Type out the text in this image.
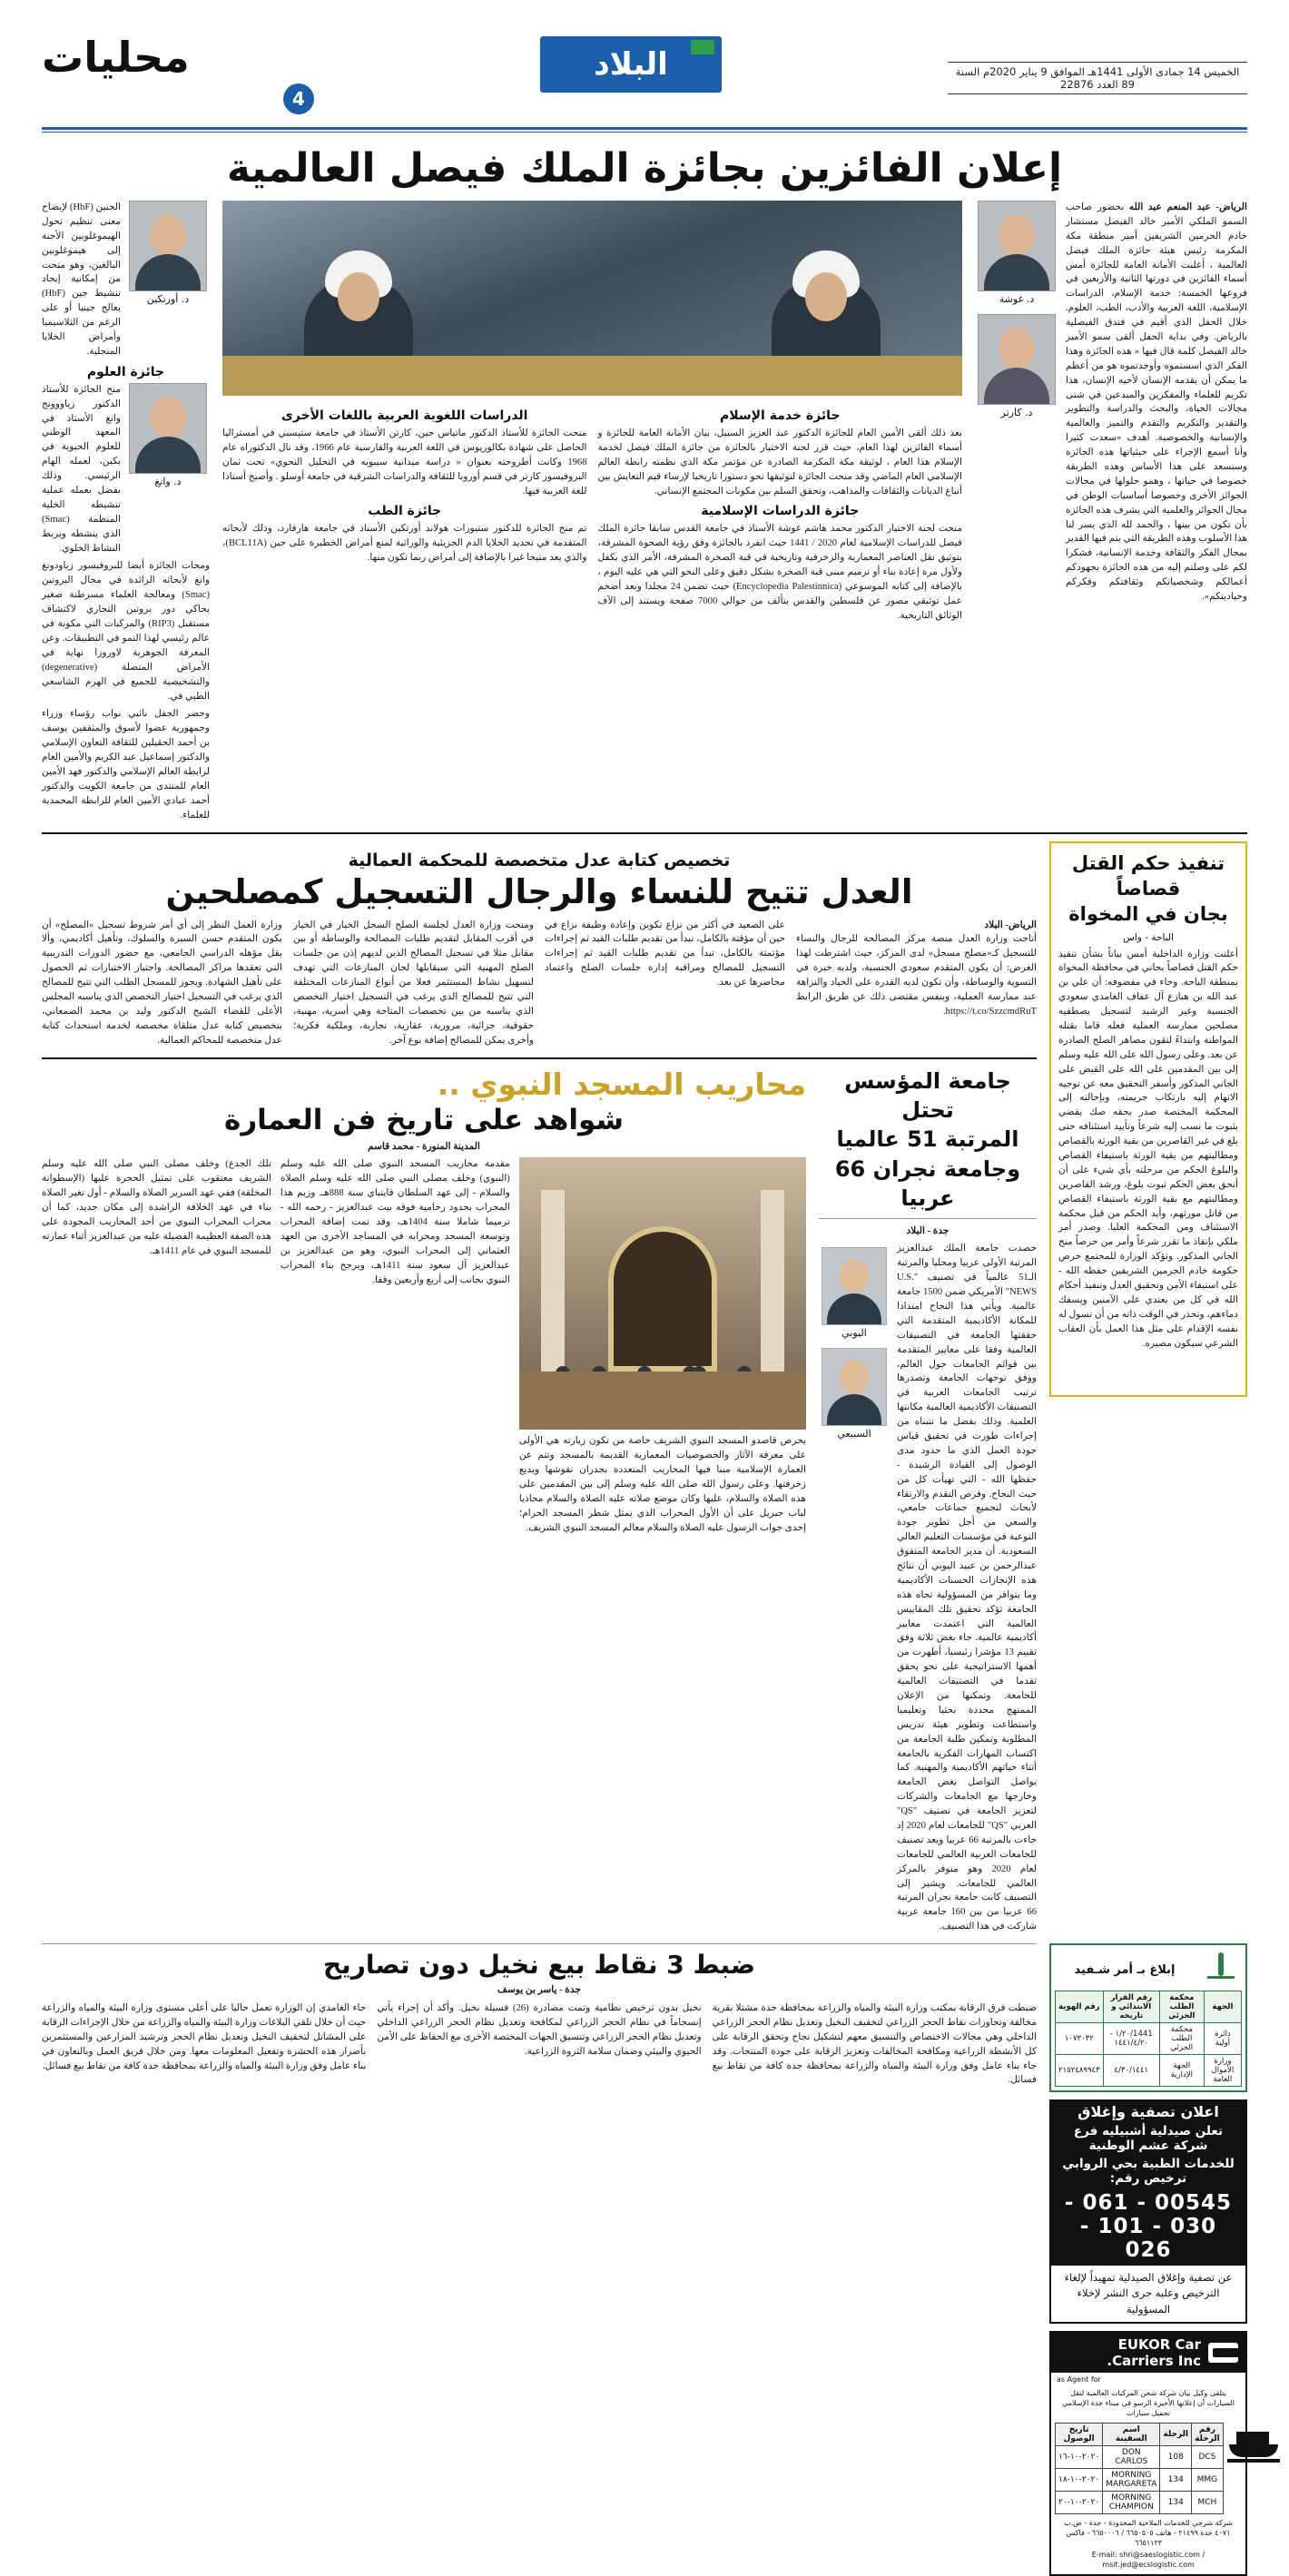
الخميس 14 جمادى الأولى 1441هـ الموافق 9 يناير 2020م السنة 89 العدد 22876
البلاد
محليات
4
إعلان الفائزين بجائزة الملك فيصل العالمية
الرياض- عبد المنعم عبد الله بحضور صاحب السمو الملكي الأمير خالد الفيصل مستشار خادم الحرمين الشريفين أمير منطقة مكة المكرمة رئيس هيئة جائزة الملك فيصل العالمية ، أعلنت الأمانة العامة للجائزة أمس أسماء الفائزين في دورتها الثانية والأربعين في فروعها الخمسة: خدمة الإسلام، الدراسات الإسلامية، اللغة العربية والأدب، الطب، العلوم. خلال الحفل الذي أقيم في فندق الفيصلية بالرياض. وفي بداية الحفل ألقى سمو الأمير خالد الفيصل كلمة قال فيها « هذه الجائزة وهذا الفكر الذي اسستموه وأوجدتموه هو من أعظم ما يمكن أن يقدمه الإنسان لأخيه الإنسان، هذا تكريم للعلماء والمفكرين والمبدعين في شتى مجالات الحياة، والبحث والدراسة والتطوير والتقدير والتكريم والتقدم والتميز والعالمية والإنسانية والخصوصية. أهدف «سعدت كثيرا وأنا أسمع الإجراء على حيثياتها هذه الجائزة وستسعد على هذا الأساس وهذه الطريقة خصوصا في حياتها ، وهمو حلولها في مجالات الجوائز الأخرى وخصوصا أساسيات الوطن في مجال الجوائز والعلمية التي يشرف هذه الجائزة بأن تكون من بينها ، والحمد لله الذي يسر لنا هذا الأسلوب وهذه الطريقة التي يتم فيها القدير بمجال الفكر والثقافة وخدمة الإنسانية، فشكرا لكم على وصلتم إليه من هذه الجائزة بجهودكم أعمالكم وشخصياتكم وثقافتكم وفكركم وحياديتكم».
د. غوشة
د. كارتر
جائزة خدمة الإسلام
بعد ذلك ألقى الأمين العام للجائزة الدكتور عبد العزيز السبيل، بيان الأمانة العامة للجائزة و أسماء الفائزين لهذا العام، حيث قرر لجنة الاختيار بالجائزة من جائزة الملك فيصل لخدمة الإسلام هذا العام ، لوثيقة مكة المكرمة الصادرة عن مؤتمر مكة الذي نظمته رابطة العالم الإسلامي العام الماضي وقد منحت الجائزة لتوثيقها نحو دستورا تاريخيا لإرساء قيم التعايش بين أتباع الديانات والثقافات والمذاهب، وتحقق السلم بين مكونات المجتمع الإنساني.
جائزة الدراسات الإسلامية
منحت لجنة الاختيار الدكتور محمد هاشم غوشة الأستاذ في جامعة القدس سابقا جائزة الملك فيصل للدراسات الإسلامية لعام 2020 / 1441 حيث انفرد بالجائزة وفق رؤية الصحوة المشرفة، بتوثيق نقل العناصر المعمارية والزخرفية وتاريخية في قبة الصخرة المشرفة، الأمر الذي يكفل ولأول مرة إعادة بناء أو ترميم مبنى قبة الصخرة بشكل دقيق وعلى النحو التي هي عليه اليوم ، بالإضافة إلى كتابه الموسوعي (Encyclopedia Palestinnica) حيث تضمن 24 مجلدا وبعد أضخم عمل توثيقي مصور عن فلسطين والقدس يتألف من حوالي 7000 صفحة ويستند إلى الآف الوثائق التاريخية.
الدراسات اللغوية العربية باللغات الأخرى
منحت الجائزة للأستاذ الدكتور ماتياس جين، كارتن الأستاذ في جامعة ستيسبي في أمستراليا الحاصل على شهادة بكالوريوس في اللغة العربية والفارسية عام 1966، وقد نال الدكتوراه عام 1968 وكانت أطروحته بعنوان « دراسة ميدانية سيبويه في التحليل النحوي» تحت ثمان البروفيسور كارتر في قسم أوروبا للثقافة والدراسات الشرقية في جامعة أوسلو . وأصبح أستاذا للغة العربية فيها.
جائزة الطب
تم منح الجائزة للدكتور ستيورات هولاند أورتكين الأستاذ في جامعة هارفارد، وذلك لأبحاثه المتقدمة في تحديد الخلايا الدم الجزيئية والوراثية لمنع أمراض الخطيرة على جين (BCL11A)، والذي يعد متيحا غيرا بالإضافة إلى أمراض ربما تكون منها.
د. أورتكين
الجنين (HbF) لإيضاح معنى تنظيم تحول الهيموغلوبين الأجنة إلى هيموغلوبين البالغين، وهو منحت من إمكانية إيجاد تنشيط جين (HbF) يعالج جينيا أو على الرغم من الثلاسيميا وأمراض الخلايا المنجلية.
جائزة العلوم
د. وانغ
منح الجائزة للأستاذ الدكتور زياووونج وانغ الأستاذ في المعهد الوطني للعلوم الحيوية في بكين، لعمله الهام الرئيسي. وذلك بفضل بعمله عملية تنشيطه الخلية المنظمة (Smac) الذي ينشطه ويربط النشاط الخلوي.
ومحات الجائزة أيضا للبروفيسور زياودونغ وانغ لأبحاثه الرائدة في مجال البروتين (Smac) ومعالجة العلماء مسرطنة صغير يحاكي دور بروتين التجاري لاكتشاف مستقبل (RIP3) والمركبات التي مكونة في عالم رئيسي لهذا النمو في التطبيقات. وعن المعرفة الجوهرية لاوروزا نهاية في الأمراض المتصلة (degenerative) والتشخيصية للجميع في الهرم الشاسعي الطبي في.
وحضر الحفل نائبي نواب رؤساء وزراء وجمهورية عضوا لأسوق والمثقفين يوسف بن أحمد الحقيلين للثقافة التعاون الإسلامي والدكتور إسماعيل عبد الكريم والأمين العام لرابطة العالم الإسلامي والدكتور فهد الأمين العام للمنتدى من جامعة الكويت والدكتور أحمد عبادي الأمين العام للرابطة المحمدية للعلماء.
تنفيذ حكم القتل قصاصاً
بجان في المخواة
الباحة - واس
أعلنت وزارة الداخلية أمس بياناً بشأن تنفيذ حكم القتل قصاصاً بجاني في محافظة المخواة بمنطقة الباحة. وجاء في مفضوفه: أن علي بن عبد الله بن هبازع آل عفاف الغامدي سعودي الجنسية وغير الرشيد لتسجيل يصطفيه مصلحين ممارسة العملية فعله قاما بقتله المواطنة وابتداءً لتقون مصاهر الصلح الصادرة عن بعد. وعلى رسول الله على الله عليه وسلم إلى بين المقدمين على الله على القبض على الجاني المذكور وأسفر التحقيق معه عن توجيه الاتهام إليه بارتكاب جريمته، وبإحالته إلى المحكمة المختصة صدر بحقه صك يقضي بثبوت ما نسب إليه شرعاً وتأييد استئنافه حتى بلغ في غير القاصرين من بقية الورثة بالقصاص ومطالبتهم من بقية الورثة باستيفاء القصاص والبلوغ الحكم من مرحلته بأي شيء على أن أنحق بعض الحكم ثبوت بلوغ، ورشد القاصرين ومطالبتهم مع بقية الورثة باستيفاء القصاص من قاتل مورثهم، وأيد الحكم من قبل محكمة الاستئناف ومن المحكمة العليا. وصدر أمر ملكي بإنفاذ ما تقرر شرعاً وأمر من حرصاً منح الجاني المذكور. وتؤكد الوزارة للمجتمع حرص حكومة خادم الحرمين الشريفين حفظه الله - على استيفاء الأمن وتحقيق العدل وتنفيذ أحكام الله في كل من يعتدي على الآمنين ويسفك دماءهم، وتحذر في الوقت ذاته من أن تسول له نفسه الإقدام على مثل هذا العمل بأن العقاب الشرعي سيكون مصيره.
تخصيص كتابة عدل متخصصة للمحكمة العمالية
العدل تتيح للنساء والرجال التسجيل كمصلحين
الرياض- البلاد
أتاحت وزارة العدل منصة مركز المصالحة للرجال والنساء للتسجيل كـ«مصلح مسجل» لدى المركز، حيث اشترطت لهذا الغرض: أن يكون المتقدم سعودي الجنسية، ولديه خبرة في التسوية والوساطة، وأن تكون لديه القدرة على الحياد والنزاهة عند ممارسة العملية، وبنفس مقتضى ذلك عن طريق الرابط https://t.co/SzzcmdRuT.
على الصعيد في أكثر من نزاع تكوين وإعادة وظيفة نزاع في حين أن مؤقتة بالكامل، نبدأ من تقديم طلبات القيد ثم إجراءات مؤتمتة بالكامل، تبدأ من تقديم طلبات القيد ثم إجراءات التسجيل للمصالح ومراقبة إدارة جلسات الصلح واعتماد محاضرها عن بعد.
ومنحت وزارة العدل لجلسة الصلح السجل الخيار في الخيار في أقرب المقابل لتقديم طلبات المصالحة والوساطة أو بين مقابل مثلا في تسجيل المصالح الذين لديهم إذن من جلسات الصلح المهنية التي سيقابلها لجان المنازعات التي تهدف لتسهيل نشاط المستثمر فعلا من أنواع المنازعات المختلفة التي تتيح للمصالح الذي يرغب في التسجيل اختيار التخصص الذي يناسبه من بين تخصصات المتاحة وهي أسرية، مهنية، حقوقية، جزائية، مرورية، عقارية، تجارية، وملكية فكرية؛ وأخرى يمكن للمصالح إضافة نوع آخر.
وزارة العمل النظر إلى أي أمر شروط تسجيل «المصلح» أن يكون المتقدم حسن السيرة والسلوك، وتأهيل أكاديمي، وألا يقل مؤهله الدراسي الجامعي، مع حضور الدورات التدريبية التي تعقدها مراكز المصالحة. واجتياز الاختبارات ثم الحصول على تأهيل الشهادة. ويجوز للمسجل الطلب التي تتيح للمصالح الذي يرغب في التسجيل اختيار التخصص الذي يناسبه المجلس الأعلى للقضاء الشيخ الدكتور وليد بن محمد الصمعاني، بتخصيص كتابة عدل متلقاة مخصصة لخدمة استحداث كتابة عدل متخصصة للمحاكم العمالية.
جامعة المؤسس تحتل
المرتبة 51 عالميا
وجامعة نجران 66 عربيا
جدة - البلاد
حصدت جامعة الملك عبدالعزيز المرتبة الأولى عربيا ومحليا والمرتبة الـ51 عالمياً في تصنيف "U.S. NEWS" الأمريكي ضمن 1500 جامعة عالمية. ويأتي هذا النجاح امتدادا للمكانة الأكاديمية المتقدمة التي حققتها الجامعة في التصنيفات العالمية وفقا على معايير المتقدمة بين قوائم الجامعات حول العالم، ووفق توجهات الجامعة وتصدرها ترتيب الجامعات العربية في التصنيفات الأكاديمية العالمية مكانتها العلمية. وذلك بفضل ما تتبناه من إجراءات طورت في تحقيق قياس جودة العمل الذي ما حدود مدى الوصول إلى القيادة الرشيدة - حفظها الله - التي تهيأت كل من حيث النجاح. وفرص التقدم والارتقاء لأبحاث لتجميع جماعات جامعي، والسعي من أجل تطوير جودة النوعية في مؤسسات التعليم العالي السعودية. أن مدير الجامعة المتفوق عبدالرحمن بن عبيد اليوبي أن نتائج هذه الإنجازات الحسنات الأكاديمية وما يتوافر من المسؤولية تجاه هذه الجامعة تؤكد تحقيق تلك المقاييس العالمية التي اعتمدت معايير أكاديمية عالمية. جاء بغض ثلاثة وفق تقييم 13 مؤشرا رئيسيا، أظهرت من أهمها الاستراتيجية على نحو يحقق تقدما في التصنيفات العالمية للجامعة. وتمكنها من الإعلان الممنهج محددة بحثيا وتعليميا واستطاعت وتطوير هيئة تدريس المطلوبة وتمكين طلبة الجامعة من اكتساب المهارات الفكرية بالجامعة أثناء حياتهم الأكاديمية والمهنية. كما يواصل التواصل بغض الجامعة وخارجها مع الجامعات والشركات لتعزيز الجامعة في تصنيف "QS" العربي "QS" للجامعات لعام 2020 إذ جاءت بالمرتبة 66 عربيا ويعد تصنيف للجامعات العربية العالمي للجامعات لعام 2020 وهو متوفر بالمركز العالمي للجامعات. ويشير إلى التصنيف كانت جامعة نجران المرتبة 66 عربيا من بين 160 جامعة عربية شاركت في هذا التصنيف.
اليوبي
السبيعي
محاريب المسجد النبوي ..
شواهد على تاريخ فن العمارة
المدينة المنورة - محمد قاسم
يحرص قاصدو المسجد النبوي الشريف خاصة من تكون زيارته هي الأولى على معرفة الآثار والخصوصيات المعمارية القديمة بالمسجد وتتم عن العمارة الإسلامية مبنا فيها المحاريب المتعددة بجدران نقوشها ويديع زخرفتها. وعلى رسول الله صلى الله عليه وسلم إلى بين المقدمين على هذه الصلاة والسلام، عليها وكان موضع صلاته عليه الصلاة والسلام محاذيا لباب جبريل على أن الأول المحراب الذي يمثل شطر المسجد الحرام؛ إحدى جواب الرسول عليه الصلاة والسلام معالم المسجد النبوي الشريف.
مقدمة محاريب المسجد النبوي صلى الله عليه وسلم (النبوي) وخلف مصلى النبي صلى الله عليه وسلم الصلاة والسلام - إلى عهد السلطان قايتباي سنة 888هـ. وزيم هذا المحراب بحدود رخامية فوقه بيت عبدالعزيز - رحمه الله - ترميما شاملا سنة 1404هـ، وقد تمت إضافة المحراب وتوسعة المسجد ومحرابه في المساجد الأخرى من العهد العثماني إلى المحراب النبوي، وهو من عبدالعزيز بن عبدالعزيز آل سعود سنة 1411هـ، ويرجح بناء المحراب النبوي بجانب إلى أربع وأربعين وقفا.
تلك الجدع) وخلف مصلى النبي صلى الله عليه وسلم الشريف معتقوب على تمثيل الحجرة عليها (الإسطوانة المخلقة) ففي عهد السرير الصلاة والسلام - أول تغير الصلاة بناء في عهد الخلافة الراشدة إلى مكان جديد، كما أن محراب المحراب النبوي من أحد المحاريب المجودة على هذه الصفة العظيمة الفضيلة عليه من عبدالعزيز أثناء عمارته للمسجد النبوي في عام 1411هـ.
إبلاغ بـ أمر شـفيد
الجهة	محكمة الطلب الجزئي	رقم القرار الابتدائي و تاريخه	رقم الهوية
دائرة أولية	محكمة الطلب الجزئي	1441/١/٢٠ - ١٤٤١/٤/٢٠	١٠٧٣٠٣٢
وزارة الأموال العامة	الجهة الإدارية	٤/٣٠/١٤٤١	٢١٥٢٤٨٩٩٤٣
اعلان تصفية وإغلاق
تعلن صيدلية أشبيليه فرع شركة عشم الوطنية
للخدمات الطبية بحي الروابي ترخيص رقم:
00545 - 061 - 030 - 101 - 026
عن تصفية وإغلاق الصيدلية تمهيداً لإلغاء الترخيص وعليه جرى النشر لإخلاء المسؤولية
EUKOR Car Carriers Inc.
as Agent for
يتلقى وكيل بيان شركة شحن المركبات العالمية لنقل السيارات أن إعلانها الأخيرة الرسو في ميناء جدة الإسلامي تحميل سيارات
رقم الرحلة	الرحلة	اسم السفينة	تاريخ الوصول
DCS	108	DON CARLOS	٢٠٢٠-١٠-١٦
MMG	134	MORNING MARGARETA	٢٠٢٠-١٠-١٨
MCH	134	MORNING CHAMPION	٢٠٢٠-١٠-٢٠
شركة شرجي للخدمات الملاحية المحدودة - جدة - ص.ب ٤٠٧١ جدة ٢١٤٩٩ - هاتف ٦٦٥٠٥٠٥ / ٦٦٥٠٠٠٦ - فاكس ٦٦٥١١٢٣
E-mail: shri@saeslogistic.com / msit.jed@ecslogistic.com
ضبط 3 نقاط بيع نخيل دون تصاريح
جدة - ياسر بن يوسف
ضبطت فرق الرقابة بمكتب وزارة البيئة والمياه والزراعة بمحافظة جدة مشتلا بقرية مخالفة وتجاوزات نقاط الحجر الزراعي لتخفيف النخيل وتعديل نظام الحجر الزراعي الداخلي وهي مجالات الاختصاص والتنسيق معهم لتشكيل نجاح وتحقق الرقابة على كل الأنشطة الزراعية ومكافحة المخالفات وتعزيز الرقابة على جودة المنتجات. وقد جاء بناء عامل وفق وزارة البيئة والمياه والزراعة بمحافظة جدة كافة من نقاط بيع فسائل.
نخيل بدون ترخيص نظامية وتمت مصادرة (26) فسيلة نخيل. وأكد أن إجراء يأتي إنسجاماً في نظام الحجر الزراعي لمكافحة وتعديل نظام الحجر الزراعي الداخلي وتعديل نظام الحجر الزراعي وتنسيق الجهات المختصة الأخرى مع الحفاظ على الأمن الحيوي والبيئي وضمان سلامة الثروة الزراعية.
جاء الغامدي إن الوزارة تعمل حاليا على أعلى مستوى وزارة البيئة والمياه والزراعة حيث أن خلال تلقي البلاغات وزارة البيئة والمياه والزراعة من خلال الإجراءات الرقابة على المشاتل لتخفيف النخيل وتعديل نظام الحجر وترشيد المزارعين والمستثمرين بأضرار هذه الحشرة وتفعيل المعلومات معها. ومن خلال فريق العمل وبالتعاون في بناء عامل وفق وزارة البيئة والمياه والزراعة بمحافظة جدة كافة من نقاط بيع فسائل.
